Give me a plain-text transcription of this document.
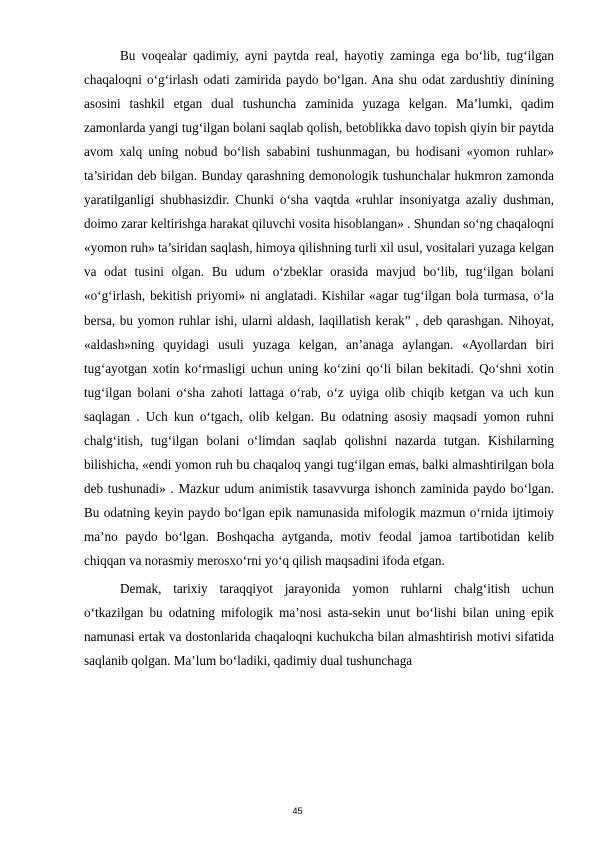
Bu voqealar qadimiy, ayni paytda real, hayotiy zaminga ega bo‘lib, tug‘ilgan chaqaloqni o‘g‘irlash odati zamirida paydo bo‘lgan. Ana shu odat zardushtiy dinining asosini tashkil etgan dual tushuncha zaminida yuzaga kelgan. Ma’lumki, qadim zamonlarda yangi tug‘ilgan bolani saqlab qolish, betoblikka davo topish qiyin bir paytda avom xalq uning nobud bo‘lish sababini tushunmagan, bu hodisani «yomon ruhlar» ta’siridan deb bilgan. Bunday qarashning demonologik tushunchalar hukmron zamonda yaratilganligi shubhasizdir. Chunki o‘sha vaqtda «ruhlar insoniyatga azaliy dushman, doimo zarar keltirishga harakat qiluvchi vosita hisoblangan» . Shundan so‘ng chaqaloqni «yomon ruh» ta’siridan saqlash, himoya qilishning turli xil usul, vositalari yuzaga kelgan va odat tusini olgan. Bu udum o‘zbeklar orasida mavjud bo‘lib, tug‘ilgan bolani «o‘g‘irlash, bekitish priyomi» ni anglatadi. Kishilar «agar tug‘ilgan bola turmasa, o‘la bersa, bu yomon ruhlar ishi, ularni aldash, laqillatish kerak” , deb qarashgan. Nihoyat, «aldash»ning quyidagi usuli yuzaga kelgan, an’anaga aylangan. «Ayollardan biri tug‘ayotgan xotin ko‘rmasligi uchun uning ko‘zini qo‘li bilan bekitadi. Qo‘shni xotin tug‘ilgan bolani o‘sha zahoti lattaga o‘rab, o‘z uyiga olib chiqib ketgan va uch kun saqlagan . Uch kun o‘tgach, olib kelgan. Bu odatning asosiy maqsadi yomon ruhni chalg‘itish, tug‘ilgan bolani o‘limdan saqlab qolishni nazarda tutgan. Kishilarning bilishicha, «endi yomon ruh bu chaqaloq yangi tug‘ilgan emas, balki almashtirilgan bola deb tushunadi» . Mazkur udum animistik tasavvurga ishonch zaminida paydo bo‘lgan. Bu odatning keyin paydo bo‘lgan epik namunasida mifologik mazmun o‘rnida ijtimoiy ma’no paydo bo‘lgan. Boshqacha aytganda, motiv feodal jamoa tartibotidan kelib chiqqan va norasmiy merosxo‘rni yo‘q qilish maqsadini ifoda etgan.

Demak, tarixiy taraqqiyot jarayonida yomon ruhlarni chalg‘itish uchun o‘tkazilgan bu odatning mifologik ma’nosi asta-sekin unut bo‘lishi bilan uning epik namunasi ertak va dostonlarida chaqaloqni kuchukcha bilan almashtirish motivi sifatida saqlanib qolgan. Ma’lum bo‘ladiki, qadimiy dual tushunchaga

45
